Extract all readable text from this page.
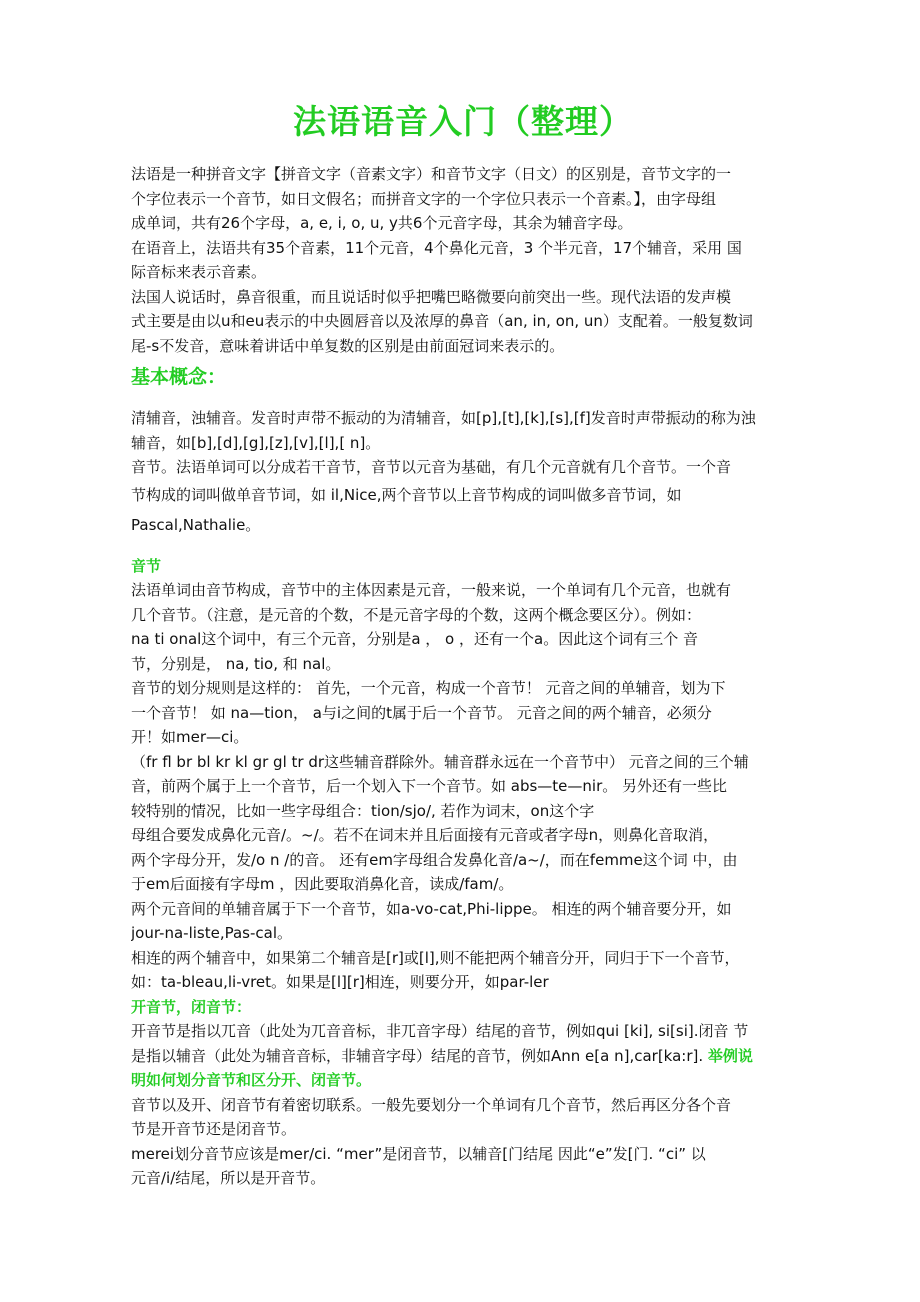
法语语音入门（整理）
法语是一种拼音文字【拼音文字（音素文字）和音节文字（日文）的区别是，音节文字的一
个字位表示一个音节，如日文假名；而拼音文字的一个字位只表示一个音素。】，由字母组
成单词，共有26个字母，a, e, i, o, u, y共6个元音字母，其余为辅音字母。
在语音上，法语共有35个音素，11个元音，4个鼻化元音，3 个半元音，17个辅音，采用 国
际音标来表示音素。
法国人说话时，鼻音很重，而且说话时似乎把嘴巴略微要向前突出一些。现代法语的发声模
式主要是由以u和eu表示的中央圆唇音以及浓厚的鼻音（an, in, on, un）支配着。一般复数词
尾-s不发音，意味着讲话中单复数的区别是由前面冠词来表示的。
基本概念：
清辅音，浊辅音。发音时声带不振动的为清辅音，如[p],[t],[k],[s],[f]发音时声带振动的称为浊
辅音，如[b],[d],[g],[z],[v],[l],[ n]。
音节。法语单词可以分成若干音节，音节以元音为基础，有几个元音就有几个音节。一个音
节构成的词叫做单音节词，如 il,Nice,两个音节以上音节构成的词叫做多音节词，如
Pascal,Nathalie。
音节
法语单词由音节构成，音节中的主体因素是元音，一般来说，一个单词有几个元音，也就有
几个音节。（注意，是元音的个数，不是元音字母的个数，这两个概念要区分）。例如：
na ti onal这个词中，有三个元音，分别是a ， o ，还有一个a。因此这个词有三个 音
节，分别是， na, tio, 和 nal。
音节的划分规则是这样的： 首先，一个元音，构成一个音节！ 元音之间的单辅音，划为下
一个音节！ 如 na—tion， a与i之间的t属于后一个音节。 元音之间的两个辅音，必须分
开！如mer—ci。
（fr fl br bl kr kl gr gl tr dr这些辅音群除外。辅音群永远在一个音节中） 元音之间的三个辅
音，前两个属于上一个音节，后一个划入下一个音节。如 abs—te—nir。 另外还有一些比
较特别的情况，比如一些字母组合：tion/sjo/, 若作为词末，on这个字
母组合要发成鼻化元音/。~/。若不在词末并且后面接有元音或者字母n，则鼻化音取消，
两个字母分开，发/o n /的音。 还有em字母组合发鼻化音/a~/，而在femme这个词 中，由
于em后面接有字母m ，因此要取消鼻化音，读成/fam/。
两个元音间的单辅音属于下一个音节，如a-vo-cat,Phi-lippe。 相连的两个辅音要分开，如
jour-na-liste,Pas-cal。
相连的两个辅音中，如果第二个辅音是[r]或[l],则不能把两个辅音分开，同归于下一个音节，
如：ta-bleau,li-vret。如果是[l][r]相连，则要分开，如par-ler
开音节，闭音节：
开音节是指以兀音（此处为兀音音标，非兀音字母）结尾的音节，例如qui [ki], si[si].闭音 节
是指以辅音（此处为辅音音标，非辅音字母）结尾的音节，例如Ann e[a n],car[ka:r]. 举例说
明如何划分音节和区分开、闭音节。
音节以及开、闭音节有着密切联系。一般先要划分一个单词有几个音节，然后再区分各个音
节是开音节还是闭音节。
merei划分音节应该是mer/ci. “mer”是闭音节，以辅音[门结尾 因此“e”发[门. “ci” 以
元音/i/结尾，所以是开音节。
